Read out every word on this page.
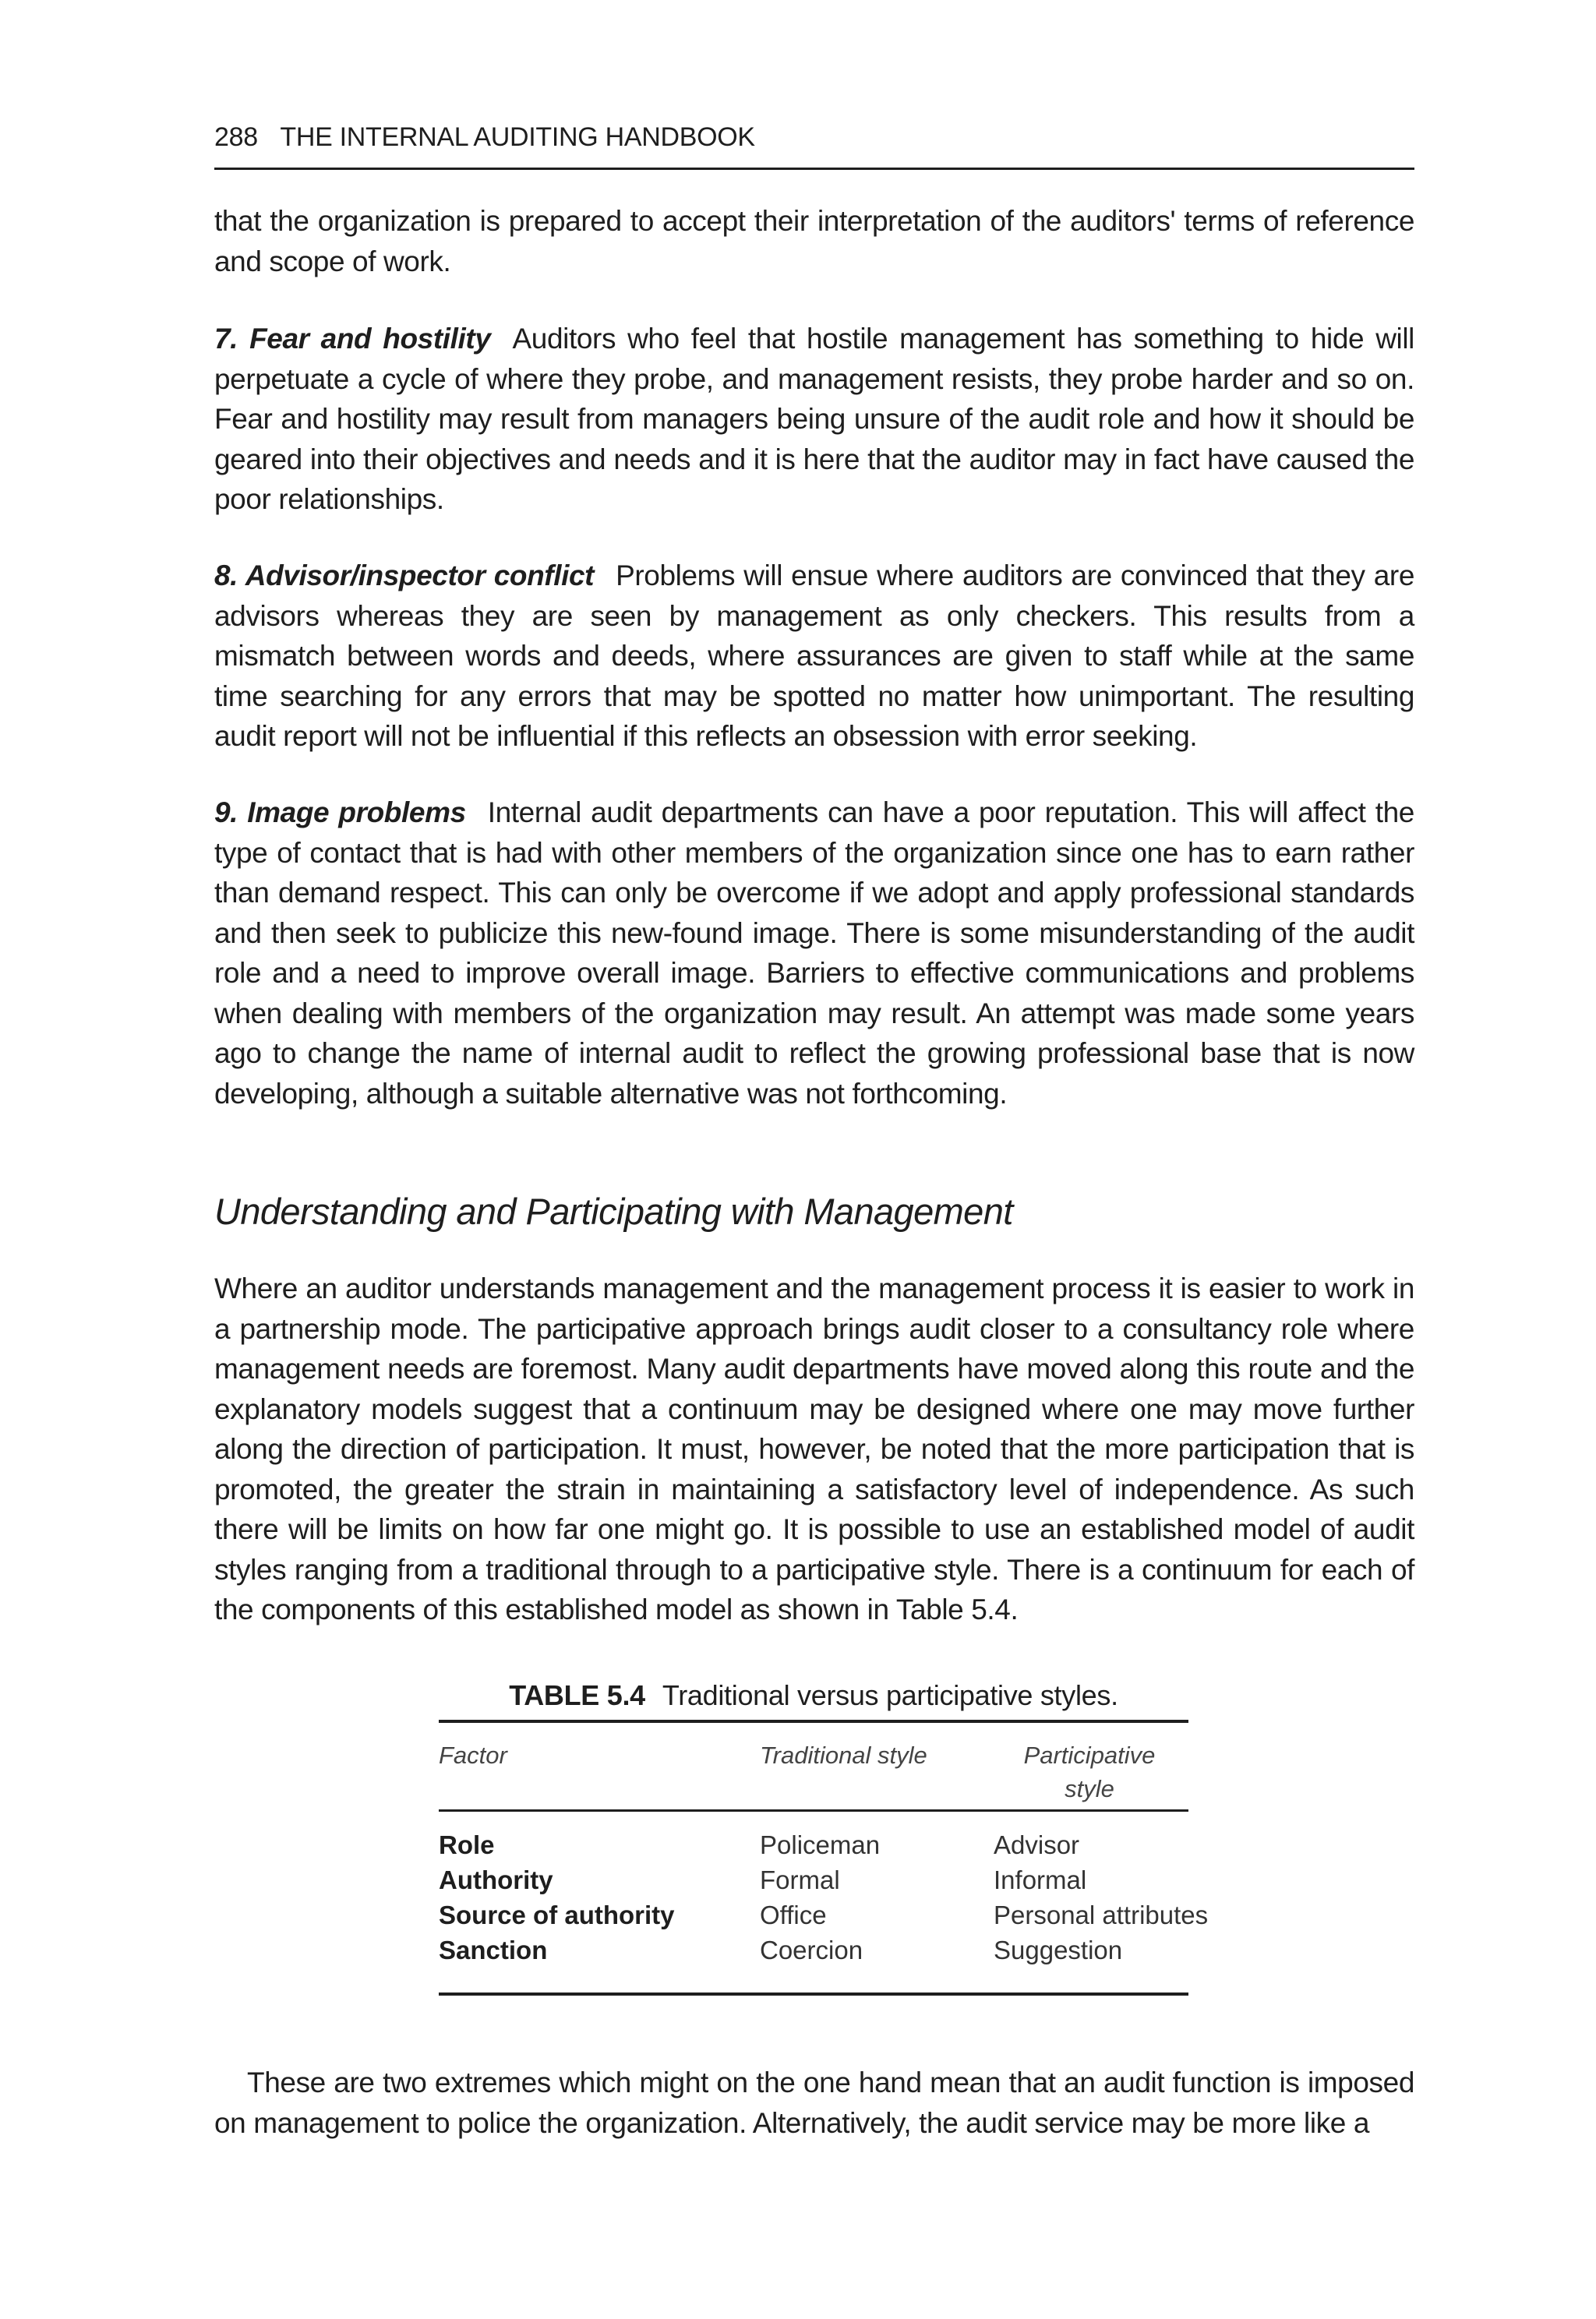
288 THE INTERNAL AUDITING HANDBOOK

that the organization is prepared to accept their interpretation of the auditors' terms of reference and scope of work.

7. Fear and hostility Auditors who feel that hostile management has something to hide will perpetuate a cycle of where they probe, and management resists, they probe harder and so on. Fear and hostility may result from managers being unsure of the audit role and how it should be geared into their objectives and needs and it is here that the auditor may in fact have caused the poor relationships.

8. Advisor/inspector conflict Problems will ensue where auditors are convinced that they are advisors whereas they are seen by management as only checkers. This results from a mismatch between words and deeds, where assurances are given to staff while at the same time searching for any errors that may be spotted no matter how unimportant. The resulting audit report will not be influential if this reflects an obsession with error seeking.

9. Image problems Internal audit departments can have a poor reputation. This will affect the type of contact that is had with other members of the organization since one has to earn rather than demand respect. This can only be overcome if we adopt and apply professional standards and then seek to publicize this new-found image. There is some misunderstanding of the audit role and a need to improve overall image. Barriers to effective communications and problems when dealing with members of the organization may result. An attempt was made some years ago to change the name of internal audit to reflect the growing professional base that is now developing, although a suitable alternative was not forthcoming.

Understanding and Participating with Management

Where an auditor understands management and the management process it is easier to work in a partnership mode. The participative approach brings audit closer to a consultancy role where management needs are foremost. Many audit departments have moved along this route and the explanatory models suggest that a continuum may be designed where one may move further along the direction of participation. It must, however, be noted that the more participation that is promoted, the greater the strain in maintaining a satisfactory level of independence. As such there will be limits on how far one might go. It is possible to use an established model of audit styles ranging from a traditional through to a participative style. There is a continuum for each of the components of this established model as shown in Table 5.4.

TABLE 5.4 Traditional versus participative styles.
Factor	Traditional style	Participative
style
Role	Policeman	Advisor
Authority	Formal	Informal
Source of authority	Office	Personal attributes
Sanction	Coercion	Suggestion

These are two extremes which might on the one hand mean that an audit function is imposed on management to police the organization. Alternatively, the audit service may be more like a
